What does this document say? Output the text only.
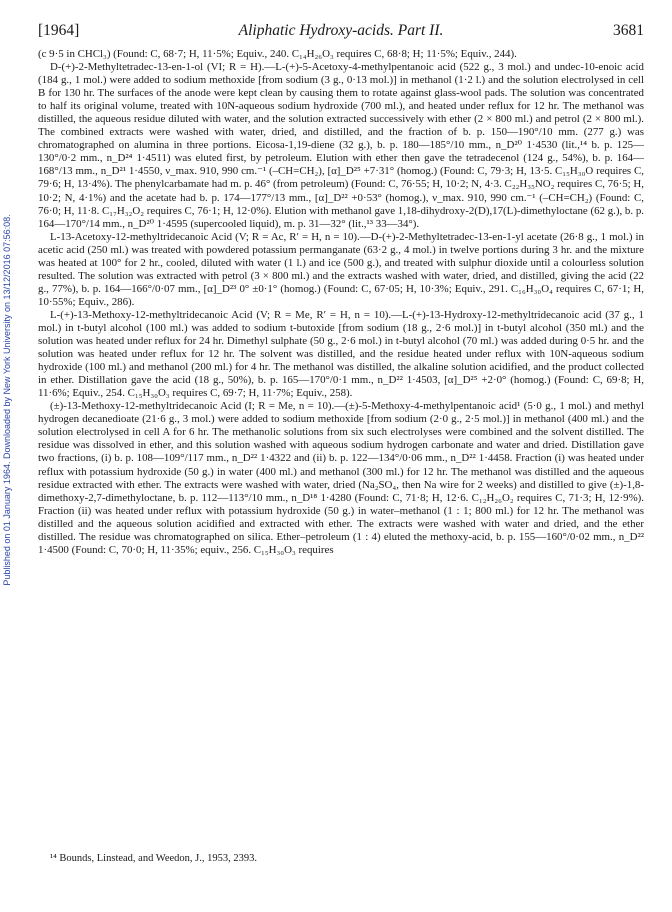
Published on 01 January 1964. Downloaded by New York University on 13/12/2016 07:56:08.
Aliphatic Hydroxy-acids. Part II.
[1964]	3681

(c 9·5 in CHCl₃) (Found: C, 68·7; H, 11·5%; Equiv., 240. C₁₄H₂₆O₃ requires C, 68·8; H; 11·5%; Equiv., 244).

D-(+)-2-Methyltetradec-13-en-1-ol (VI; R = H).—L-(+)-5-Acetoxy-4-methylpentanoic acid (522 g., 3 mol.) and undec-10-enoic acid (184 g., 1 mol.) were added to sodium methoxide [from sodium (3 g., 0·13 mol.)] in methanol (1·2 l.) and the solution electrolysed in cell B for 130 hr. The surfaces of the anode were kept clean by causing them to rotate against glass-wool pads. The solution was concentrated to half its original volume, treated with 10N-aqueous sodium hydroxide (700 ml.), and heated under reflux for 12 hr. The methanol was distilled, the aqueous residue diluted with water, and the solution extracted successively with ether (2 × 800 ml.) and petrol (2 × 800 ml.). The combined extracts were washed with water, dried, and distilled, and the fraction of b. p. 150—190°/10 mm. (277 g.) was chromatographed on alumina in three portions. Eicosa-1,19-diene (32 g.), b. p. 180—185°/10 mm., n_D²⁰ 1·4530 (lit.,¹⁴ b. p. 125—130°/0·2 mm., n_D²⁴ 1·4511) was eluted first, by petroleum. Elution with ether then gave the tetradecenol (124 g., 54%), b. p. 164—168°/13 mm., n_D²¹ 1·4550, ν_max. 910, 990 cm.⁻¹ (–CH=CH₂), [α]_D²⁵ +7·31° (homog.) (Found: C, 79·3; H, 13·5. C₁₅H₃₀O requires C, 79·6; H, 13·4%). The phenylcarbamate had m. p. 46° (from petroleum) (Found: C, 76·55; H, 10·2; N, 4·3. C₂₂H₃₅NO₂ requires C, 76·5; H, 10·2; N, 4·1%) and the acetate had b. p. 174—177°/13 mm., [α]_D²² +0·53° (homog.), ν_max. 910, 990 cm.⁻¹ (–CH=CH₂) (Found: C, 76·0; H, 11·8. C₁₇H₃₂O₂ requires C, 76·1; H, 12·0%). Elution with methanol gave 1,18-dihydroxy-2(D),17(L)-dimethyloctane (62 g.), b. p. 164—170°/14 mm., n_D²⁰ 1·4595 (supercooled liquid), m. p. 31—32° (lit.,¹³ 33—34°).

L-13-Acetoxy-12-methyltridecanoic Acid (V; R = Ac, R′ = H, n = 10).—D-(+)-2-Methyltetradec-13-en-1-yl acetate (26·8 g., 1 mol.) in acetic acid (250 ml.) was treated with powdered potassium permanganate (63·2 g., 4 mol.) in twelve portions during 3 hr. and the mixture was heated at 100° for 2 hr., cooled, diluted with water (1 l.) and ice (500 g.), and treated with sulphur dioxide until a colourless solution resulted. The solution was extracted with petrol (3 × 800 ml.) and the extracts washed with water, dried, and distilled, giving the acid (22 g., 77%), b. p. 164—166°/0·07 mm., [α]_D²³ 0° ±0·1° (homog.) (Found: C, 67·05; H, 10·3%; Equiv., 291. C₁₆H₃₀O₄ requires C, 67·1; H, 10·55%; Equiv., 286).

L-(+)-13-Methoxy-12-methyltridecanoic Acid (V; R = Me, R′ = H, n = 10).—L-(+)-13-Hydroxy-12-methyltridecanoic acid (37 g., 1 mol.) in t-butyl alcohol (100 ml.) was added to sodium t-butoxide [from sodium (18 g., 2·6 mol.)] in t-butyl alcohol (350 ml.) and the solution was heated under reflux for 24 hr. Dimethyl sulphate (50 g., 2·6 mol.) in t-butyl alcohol (70 ml.) was added during 0·5 hr. and the solution was heated under reflux for 12 hr. The solvent was distilled, and the residue heated under reflux with 10N-aqueous sodium hydroxide (100 ml.) and methanol (200 ml.) for 4 hr. The methanol was distilled, the alkaline solution acidified, and the product collected in ether. Distillation gave the acid (18 g., 50%), b. p. 165—170°/0·1 mm., n_D²² 1·4503, [α]_D²⁵ +2·0° (homog.) (Found: C, 69·8; H, 11·6%; Equiv., 254. C₁₅H₃₀O₃ requires C, 69·7; H, 11·7%; Equiv., 258).

(±)-13-Methoxy-12-methyltridecanoic Acid (I; R = Me, n = 10).—(±)-5-Methoxy-4-methylpentanoic acid¹ (5·0 g., 1 mol.) and methyl hydrogen decanedioate (21·6 g., 3 mol.) were added to sodium methoxide [from sodium (2·0 g., 2·5 mol.)] in methanol (400 ml.) and the solution electrolysed in cell A for 6 hr. The methanolic solutions from six such electrolyses were combined and the solvent distilled. The residue was dissolved in ether, and this solution washed with aqueous sodium hydrogen carbonate and water and dried. Distillation gave two fractions, (i) b. p. 108—109°/117 mm., n_D²² 1·4322 and (ii) b. p. 122—134°/0·06 mm., n_D²² 1·4458. Fraction (i) was heated under reflux with potassium hydroxide (50 g.) in water (400 ml.) and methanol (300 ml.) for 12 hr. The methanol was distilled and the aqueous residue extracted with ether. The extracts were washed with water, dried (Na₂SO₄, then Na wire for 2 weeks) and distilled to give (±)-1,8-dimethoxy-2,7-dimethyloctane, b. p. 112—113°/10 mm., n_D¹⁸ 1·4280 (Found: C, 71·8; H, 12·6. C₁₂H₂₆O₂ requires C, 71·3; H, 12·9%). Fraction (ii) was heated under reflux with potassium hydroxide (50 g.) in water–methanol (1 : 1; 800 ml.) for 12 hr. The methanol was distilled and the aqueous solution acidified and extracted with ether. The extracts were washed with water and dried, and the ether distilled. The residue was chromatographed on silica. Ether–petroleum (1 : 4) eluted the methoxy-acid, b. p. 155—160°/0·02 mm., n_D²² 1·4500 (Found: C, 70·0; H, 11·35%; equiv., 256. C₁₅H₃₀O₃ requires

¹⁴ Bounds, Linstead, and Weedon, J., 1953, 2393.
